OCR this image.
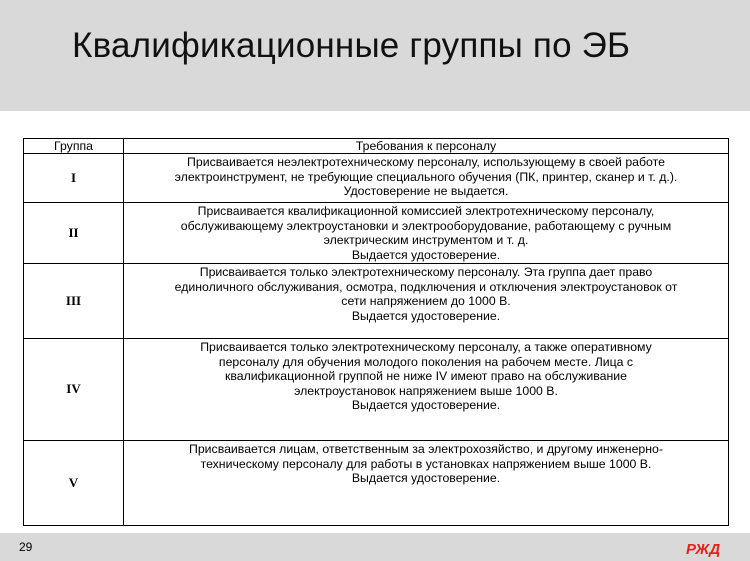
Квалификационные группы по ЭБ
Группа	Требования к персоналу
I	Присваивается неэлектротехническому персоналу, использующему в своей работе
электроинструмент, не требующие специального обучения (ПК, принтер, сканер и т. д.).
Удостоверение не выдается.

II	Присваивается квалификационной комиссией электротехническому персоналу,
обслуживающему электроустановки и электрооборудование, работающему с ручным
электрическим инструментом и т. д.
Выдается удостоверение.

III	Присваивается только электротехническому персоналу. Эта группа дает право
единоличного обслуживания, осмотра, подключения и отключения электроустановок от
сети напряжением до 1000 В.
Выдается удостоверение.

IV	Присваивается только электротехническому персоналу, а также оперативному
персоналу для обучения молодого поколения на рабочем месте. Лица с
квалификационной группой не ниже IV имеют право на обслуживание
электроустановок напряжением выше 1000 В.
Выдается удостоверение.

V	Присваивается лицам, ответственным за электрохозяйство, и другому инженерно-
техническому персоналу для работы в установках напряжением выше 1000 В.
Выдается удостоверение.
29	РЖД
